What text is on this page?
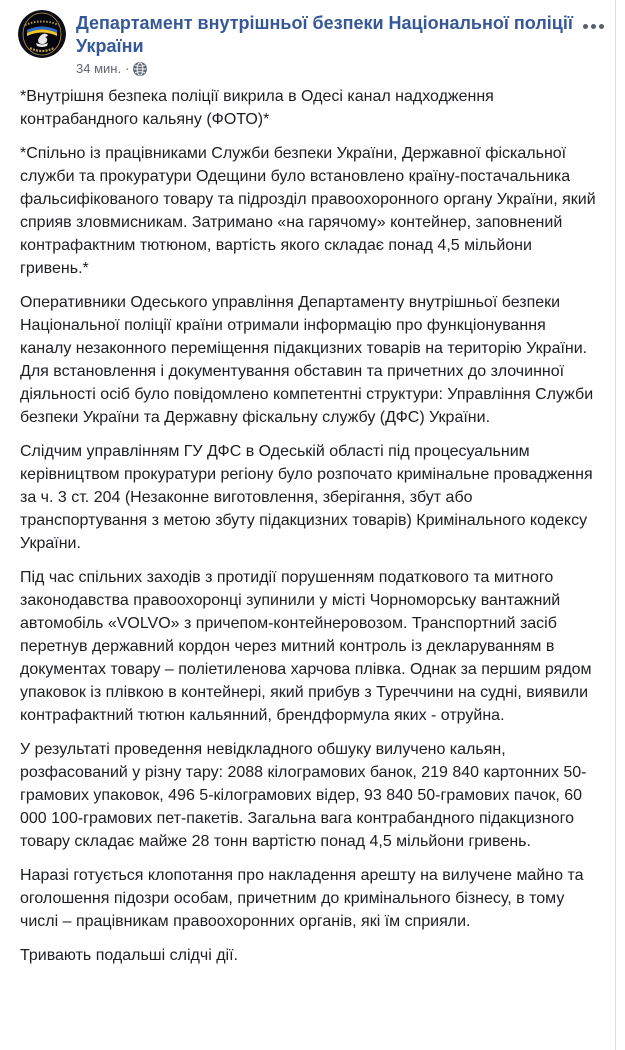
Департамент внутрішньої безпеки Національної поліції України
34 мин. ·

*Внутрішня безпека поліції викрила в Одесі канал надходження контрабандного кальяну (ФОТО)*

*Спільно із працівниками Служби безпеки України, Державної фіскальної служби та прокуратури Одещини було встановлено країну-постачальника фальсифікованого товару та підрозділ правоохоронного органу України, який сприяв зловмисникам. Затримано «на гарячому» контейнер, заповнений контрафактним тютюном, вартість якого складає понад 4,5 мільйони гривень.*

Оперативники Одеського управління Департаменту внутрішньої безпеки Національної поліції країни отримали інформацію про функціонування каналу незаконного переміщення підакцизних товарів на територію України. Для встановлення і документування обставин та причетних до злочинної діяльності осіб було повідомлено компетентні структури: Управління Служби безпеки України та Державну фіскальну службу (ДФС) України.

Слідчим управлінням ГУ ДФС в Одеській області під процесуальним керівництвом прокуратури регіону було розпочато кримінальне провадження за ч. 3 ст. 204 (Незаконне виготовлення, зберігання, збут або транспортування з метою збуту підакцизних товарів) Кримінального кодексу України.

Під час спільних заходів з протидії порушенням податкового та митного законодавства правоохоронці зупинили у місті Чорноморську вантажний автомобіль «VOLVO» з причепом-контейнеровозом. Транспортний засіб перетнув державний кордон через митний контроль із декларуванням в документах товару – поліетиленова харчова плівка. Однак за першим рядом упаковок із плівкою в контейнері, який прибув з Туреччини на судні, виявили контрафактний тютюн кальянний, брендформула яких - отруйна.

У результаті проведення невідкладного обшуку вилучено кальян, розфасований у різну тару: 2088 кілограмових банок, 219 840 картонних 50-грамових упаковок, 496 5-кілограмових відер, 93 840 50-грамових пачок, 60 000 100-грамових пет-пакетів. Загальна вага контрабандного підакцизного товару складає майже 28 тонн вартістю понад 4,5 мільйони гривень.

Наразі готується клопотання про накладення арешту на вилучене майно та оголошення підозри особам, причетним до кримінального бізнесу, в тому числі – працівникам правоохоронних органів, які їм сприяли.

Тривають подальші слідчі дії.
